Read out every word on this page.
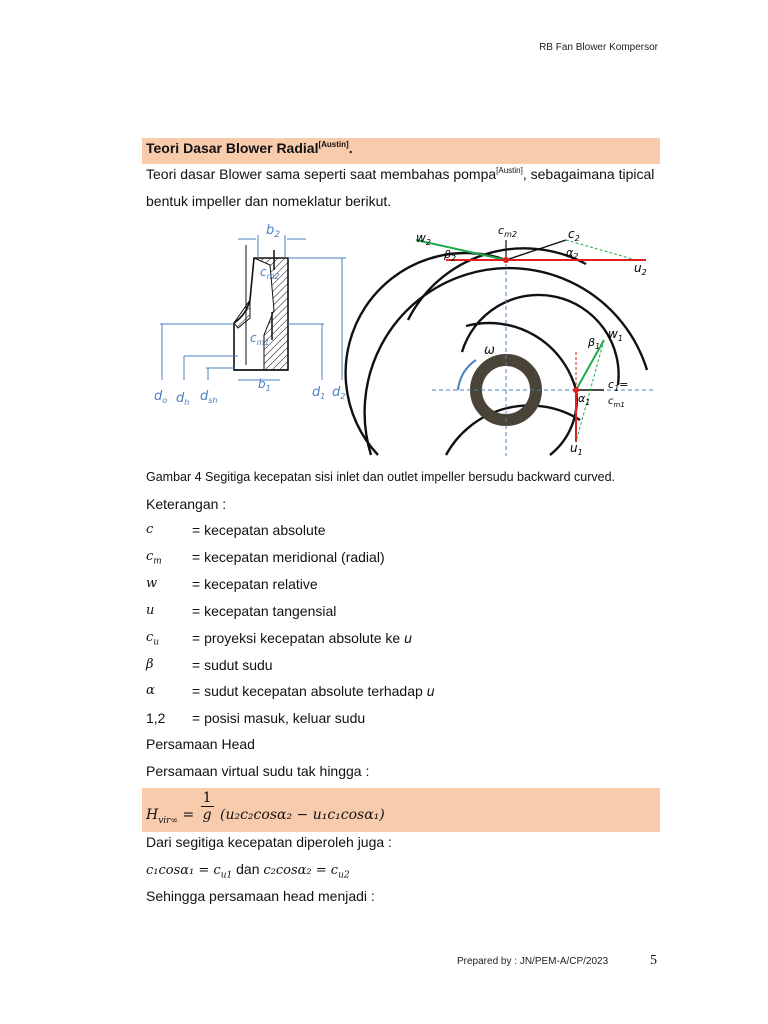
RB Fan Blower Kompersor
Teori Dasar Blower Radial[Austin].
Teori dasar Blower sama seperti saat membahas pompa[Austin], sebagaimana tipical
bentuk impeller dan nomeklatur berikut.
$b_2$
$c_{m2}$
$c_{m1}$
$b_1$
$d_o$ $d_h$ $d_{sh}$
$d_1$ $d_2$
ω
$w_2$
$c_{m2}$	$c_2$
$u_2$
$\beta_2$	$\alpha_2$
$w_1$
$\beta_1$
$c_1=$
$c_{m1}$
$\alpha_1$
$u_1$
Gambar 4 Segitiga kecepatan sisi inlet dan outlet impeller bersudu backward curved.
Keterangan :
c	= kecepatan absolute
$c_m$ = kecepatan meridional (radial)
w = kecepatan relative
u	= kecepatan tangensial
$c_u$ = proyeksi kecepatan absolute ke u
β	= sudut sudu
α	= sudut kecepatan absolute terhadap u
1,2 = posisi masuk, keluar sudu
Persamaan Head
Persamaan virtual sudu tak hingga :
$H_{vir\infty} = \frac{1}{g} (u_2c_2\cos\alpha_2 - u_1c_1\cos\alpha_1)$
Dari segitiga kecepatan diperoleh juga :
$c_1\cos\alpha_1 = c_{u1}$ dan $c_2\cos\alpha_2 = c_{u2}$
Sehingga persamaan head menjadi :
Prepared by : JN/PEM-A/CP/2023	5
